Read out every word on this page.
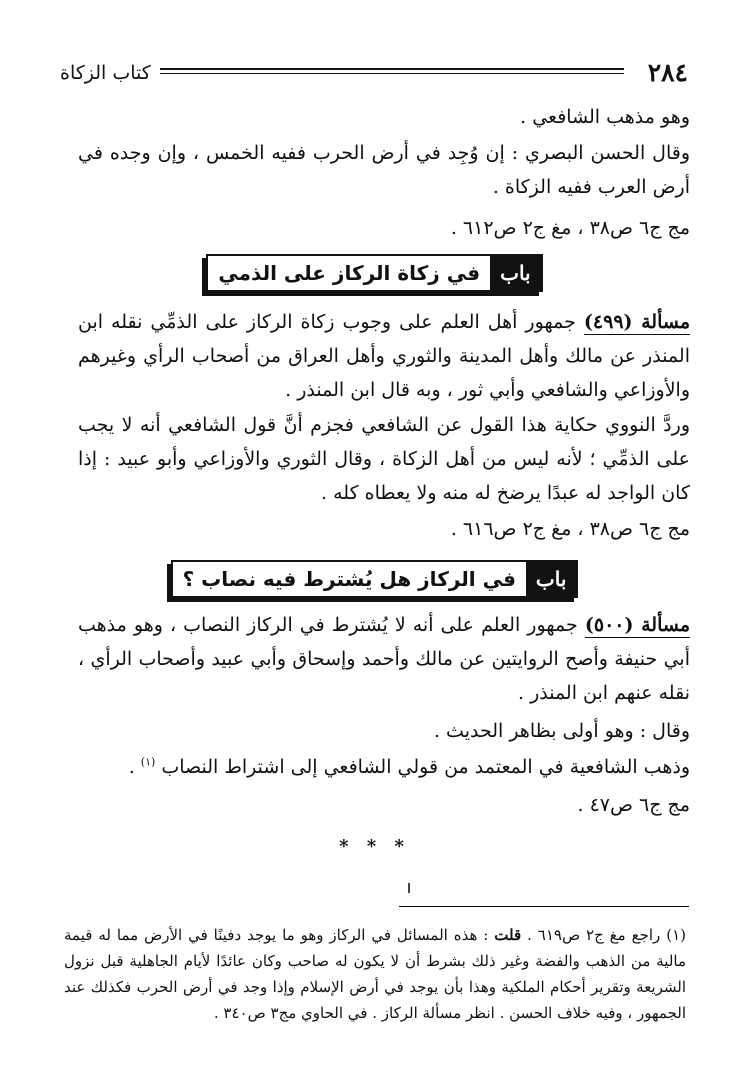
٢٨٤
كتاب الزكاة
وهو مذهب الشافعي .

وقال الحسن البصري : إن وُجِد في أرض الحرب ففيه الخمس ، وإن وجده في أرض العرب ففيه الزكاة .

مج ج٦ ص٣٨ ، مغ ج٢ ص٦١٢ .
باب
في زكاة الركاز على الذمي

مسألة (٤٩٩) جمهور أهل العلم على وجوب زكاة الركاز على الذمِّي نقله ابن المنذر عن مالك وأهل المدينة والثوري وأهل العراق من أصحاب الرأي وغيرهم والأوزاعي والشافعي وأبي ثور ، وبه قال ابن المنذر .

وردَّ النووي حكاية هذا القول عن الشافعي فجزم أنَّ قول الشافعي أنه لا يجب على الذمِّي ؛ لأنه ليس من أهل الزكاة ، وقال الثوري والأوزاعي وأبو عبيد : إذا كان الواجد له عبدًا يرضخ له منه ولا يعطاه كله .

مج ج٦ ص٣٨ ، مغ ج٢ ص٦١٦ .
باب
في الركاز هل يُشترط فيه نصاب ؟

مسألة (٥٠٠) جمهور العلم على أنه لا يُشترط في الركاز النصاب ، وهو مذهب أبي حنيفة وأصح الروايتين عن مالك وأحمد وإسحاق وأبي عبيد وأصحاب الرأي ، نقله عنهم ابن المنذر .

وقال : وهو أولى بظاهر الحديث .
وذهب الشافعية في المعتمد من قولي الشافعي إلى اشتراط النصاب $^{(١)}$ .
مج ج٦ ص٤٧ .
* * *

(١) راجع مغ ج٢ ص٦١٩ . قلت : هذه المسائل في الركاز وهو ما يوجد دفينًا في الأرض مما له قيمة مالية من الذهب والفضة وغير ذلك بشرط أن لا يكون له صاحب وكان عائدًا لأيام الجاهلية قبل نزول الشريعة وتقرير أحكام الملكية وهذا بأن يوجد في أرض الإسلام وإذا وجد في أرض الحرب فكذلك عند الجمهور ، وفيه خلاف الحسن . انظر مسألة الركاز . في الحاوي مج٣ ص٣٤٠ .
